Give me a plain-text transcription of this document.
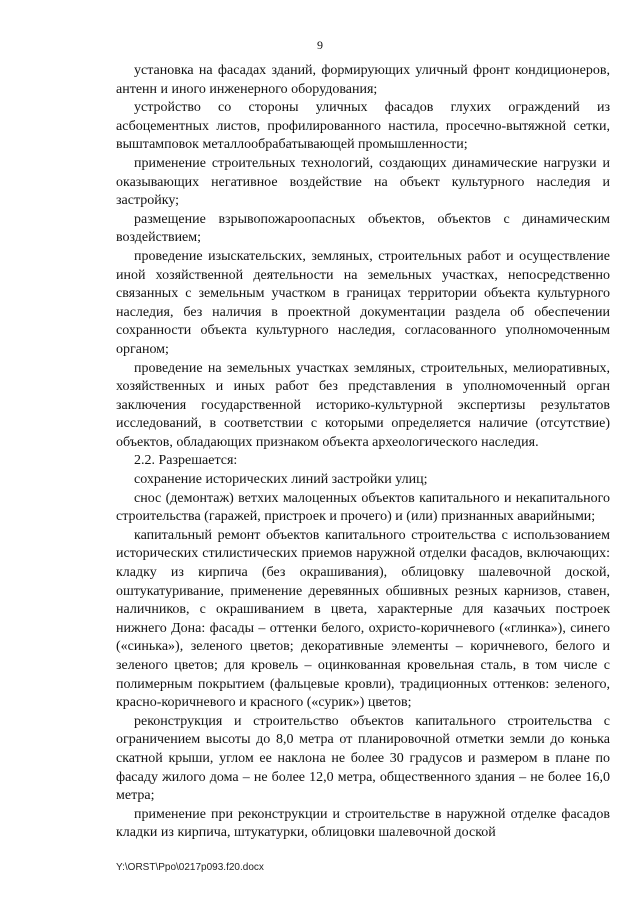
9

установка на фасадах зданий, формирующих уличный фронт кондиционеров, антенн и иного инженерного оборудования;

устройство со стороны уличных фасадов глухих ограждений из асбоцементных листов, профилированного настила, просечно-вытяжной сетки, выштамповок металлообрабатывающей промышленности;

применение строительных технологий, создающих динамические нагрузки и оказывающих негативное воздействие на объект культурного наследия и застройку;

размещение взрывопожароопасных объектов, объектов с динамическим воздействием;

проведение изыскательских, земляных, строительных работ и осуществление иной хозяйственной деятельности на земельных участках, непосредственно связанных с земельным участком в границах территории объекта культурного наследия, без наличия в проектной документации раздела об обеспечении сохранности объекта культурного наследия, согласованного уполномоченным органом;

проведение на земельных участках земляных, строительных, мелиоративных, хозяйственных и иных работ без представления в уполномоченный орган заключения государственной историко-культурной экспертизы результатов исследований, в соответствии с которыми определяется наличие (отсутствие) объектов, обладающих признаком объекта археологического наследия.

2.2. Разрешается:

сохранение исторических линий застройки улиц;

снос (демонтаж) ветхих малоценных объектов капитального и некапитального строительства (гаражей, пристроек и прочего) и (или) признанных аварийными;

капитальный ремонт объектов капитального строительства с использованием исторических стилистических приемов наружной отделки фасадов, включающих: кладку из кирпича (без окрашивания), облицовку шалевочной доской, оштукатуривание, применение деревянных обшивных резных карнизов, ставен, наличников, с окрашиванием в цвета, характерные для казачьих построек нижнего Дона: фасады – оттенки белого, охристо-коричневого («глинка»), синего («синька»), зеленого цветов; декоративные элементы – коричневого, белого и зеленого цветов; для кровель – оцинкованная кровельная сталь, в том числе с полимерным покрытием (фальцевые кровли), традиционных оттенков: зеленого, красно-коричневого и красного («сурик») цветов;

реконструкция и строительство объектов капитального строительства с ограничением высоты до 8,0 метра от планировочной отметки земли до конька скатной крыши, углом ее наклона не более 30 градусов и размером в плане по фасаду жилого дома – не более 12,0 метра, общественного здания – не более 16,0 метра;

применение при реконструкции и строительстве в наружной отделке фасадов кладки из кирпича, штукатурки, облицовки шалевочной доской

Y:\ORST\Ppo\0217p093.f20.docx
